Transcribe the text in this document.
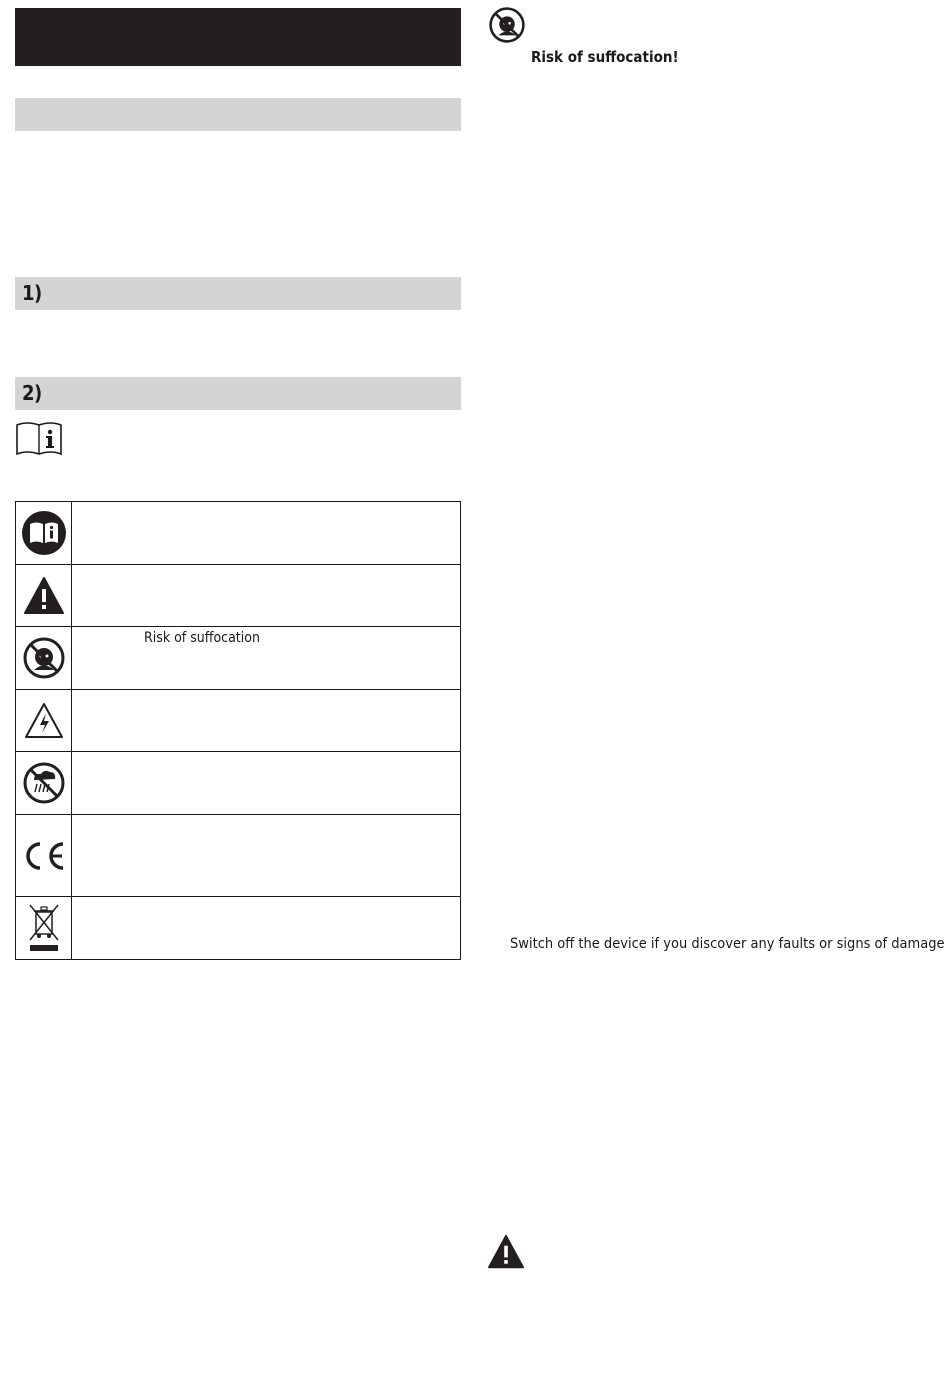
1)
2)

	Risk of suffocation

Risk of suffocation!
Switch off the device if you discover any faults or signs of damage
